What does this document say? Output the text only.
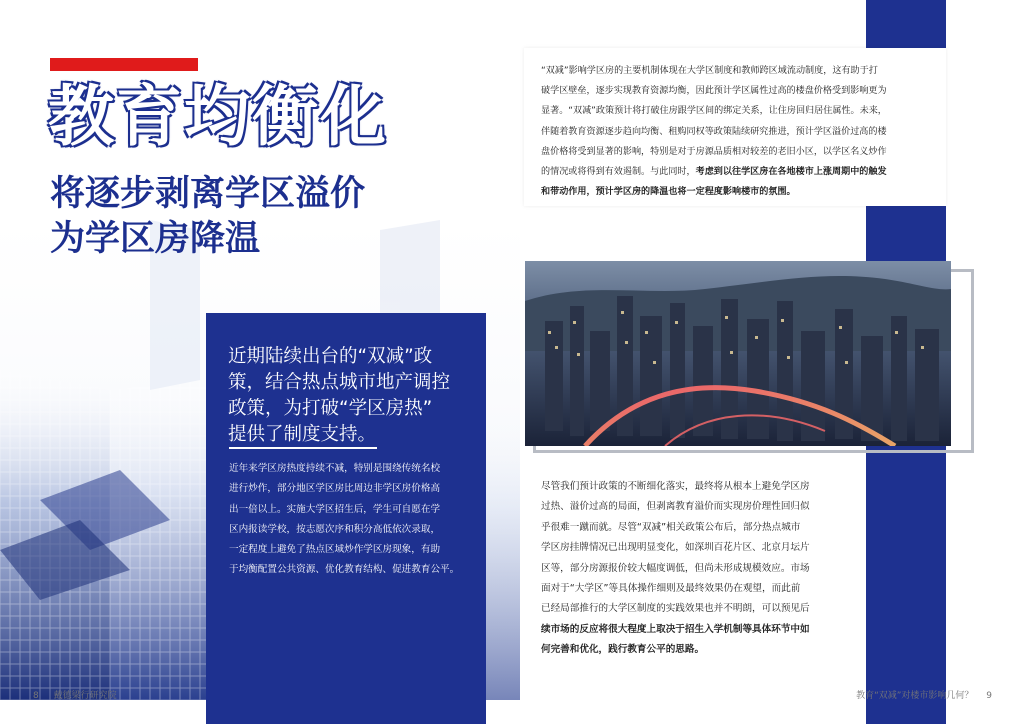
教育均衡化
将逐步剥离学区溢价
为学区房降温
近期陆续出台的“双减”政
策，结合热点城市地产调控
政策，为打破“学区房热”
提供了制度支持。
近年来学区房热度持续不减，特别是围绕传统名校
进行炒作，部分地区学区房比周边非学区房价格高
出一倍以上。实施大学区招生后，学生可自愿在学
区内报读学校，按志愿次序和积分高低依次录取，
一定程度上避免了热点区域炒作学区房现象，有助
于均衡配置公共资源、优化教育结构、促进教育公平。
8 戴德梁行研究院
“双减”影响学区房的主要机制体现在大学区制度和教师跨区域流动制度，这有助于打
破学区壁垒，逐步实现教育资源均衡，因此预计学区属性过高的楼盘价格受到影响更为
显著。“双减”政策预计将打破住房跟学区间的绑定关系，让住房回归居住属性。未来，
伴随着教育资源逐步趋向均衡、租购同权等政策陆续研究推进，预计学区溢价过高的楼
盘价格将受到显著的影响，特别是对于房源品质相对较差的老旧小区，以学区名义炒作
的情况或将得到有效遏制。与此同时，考虑到以往学区房在各地楼市上涨周期中的触发
和带动作用，预计学区房的降温也将一定程度影响楼市的氛围。
尽管我们预计政策的不断细化落实，最终将从根本上避免学区房
过热、溢价过高的局面，但剥离教育溢价而实现房价理性回归似
乎很难一蹴而就。尽管“双减”相关政策公布后，部分热点城市
学区房挂牌情况已出现明显变化，如深圳百花片区、北京月坛片
区等，部分房源报价较大幅度调低，但尚未形成规模效应。市场
面对于“大学区”等具体操作细则及最终效果仍在观望，而此前
已经局部推行的大学区制度的实践效果也并不明朗，可以预见后
续市场的反应将很大程度上取决于招生入学机制等具体环节中如
何完善和优化，践行教育公平的思路。
教育“双减”对楼市影响几何？ 9
